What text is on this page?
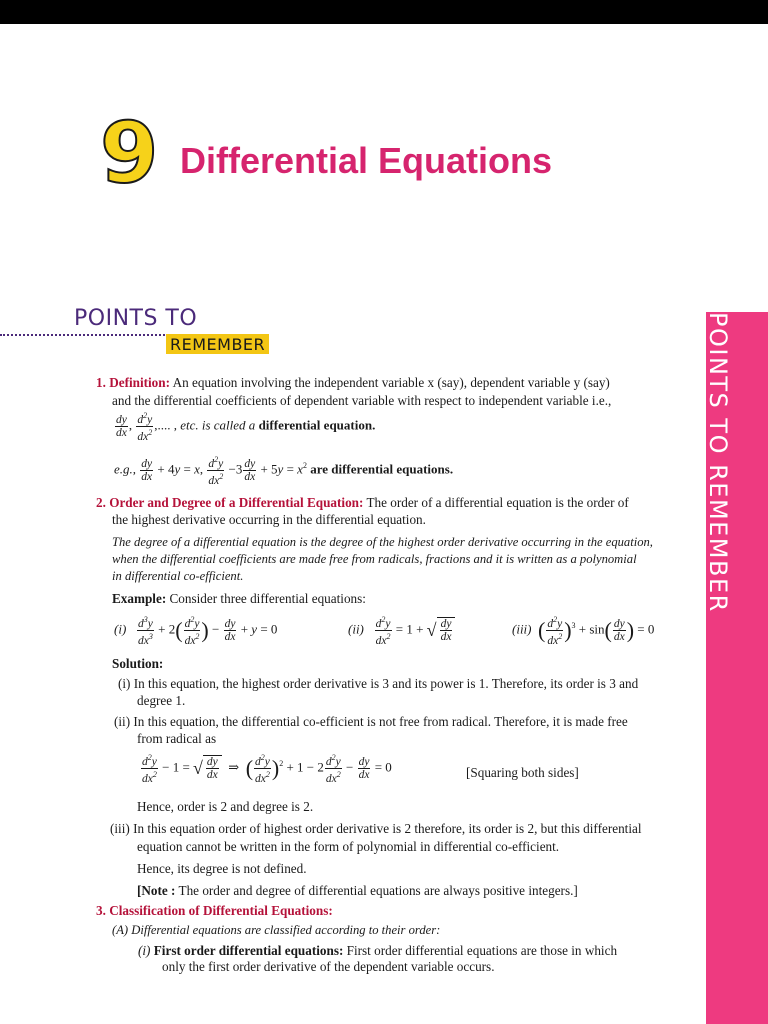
9 Differential Equations
POINTS TO
REMEMBER	POINTS TO REMEMBER
1. Definition: An equation involving the independent variable x (say), dependent variable y (say)
and the differential coefficients of dependent variable with respect to independent variable i.e.,
$\frac{dy}{dx}$ , $\frac{d^2y}{dx^2}$ ,.... , etc. is called a differential equation.
e.g., $\frac{dy}{dx} + 4y = x$, $\frac{d^2y}{dx^2} -3 \frac{dy}{dx} + 5y = x^2$ are differential equations.
2. Order and Degree of a Differential Equation: The order of a differential equation is the order of
the highest derivative occurring in the differential equation.
The degree of a differential equation is the degree of the highest order derivative occurring in the equation,
when the differential coefficients are made free from radicals, fractions and it is written as a polynomial
in differential co-efficient.
Example: Consider three differential equations:
$(i) \frac{d^3y}{dx^3} + 2( \frac{d^2y}{dx^2}$ ) − $\frac{dy}{dx} + y = 0$	$(ii) \frac{d^2y}{dx^2} = 1$ + √ $\frac{dy}{dx}$	(iii) ( $\frac{d^2y}{dx^2} )^3 + \sin( \frac{dy}{dx}$ ) = 0
Solution:
(i) In this equation, the highest order derivative is 3 and its power is 1. Therefore, its order is 3 and
degree 1.
(ii) In this equation, the differential co-efficient is not free from radical. Therefore, it is made free
from radical as
$\frac{d^2y}{dx^2} - 1$ = √ $\frac{dy}{dx}$ ⇒  ( $\frac{d^2y}{dx^2} )^2 + 1 - 2 \frac{d^2y}{dx^2} - \frac{dy}{dx} = 0$	[Squaring both sides]
Hence, order is 2 and degree is 2.
(iii) In this equation order of highest order derivative is 2 therefore, its order is 2, but this differential
equation cannot be written in the form of polynomial in differential co-efficient.
Hence, its degree is not defined.
[Note : The order and degree of differential equations are always positive integers.]
3. Classification of Differential Equations:
(A) Differential equations are classified according to their order:
(i) First order differential equations: First order differential equations are those in which
only the first order derivative of the dependent variable occurs.
